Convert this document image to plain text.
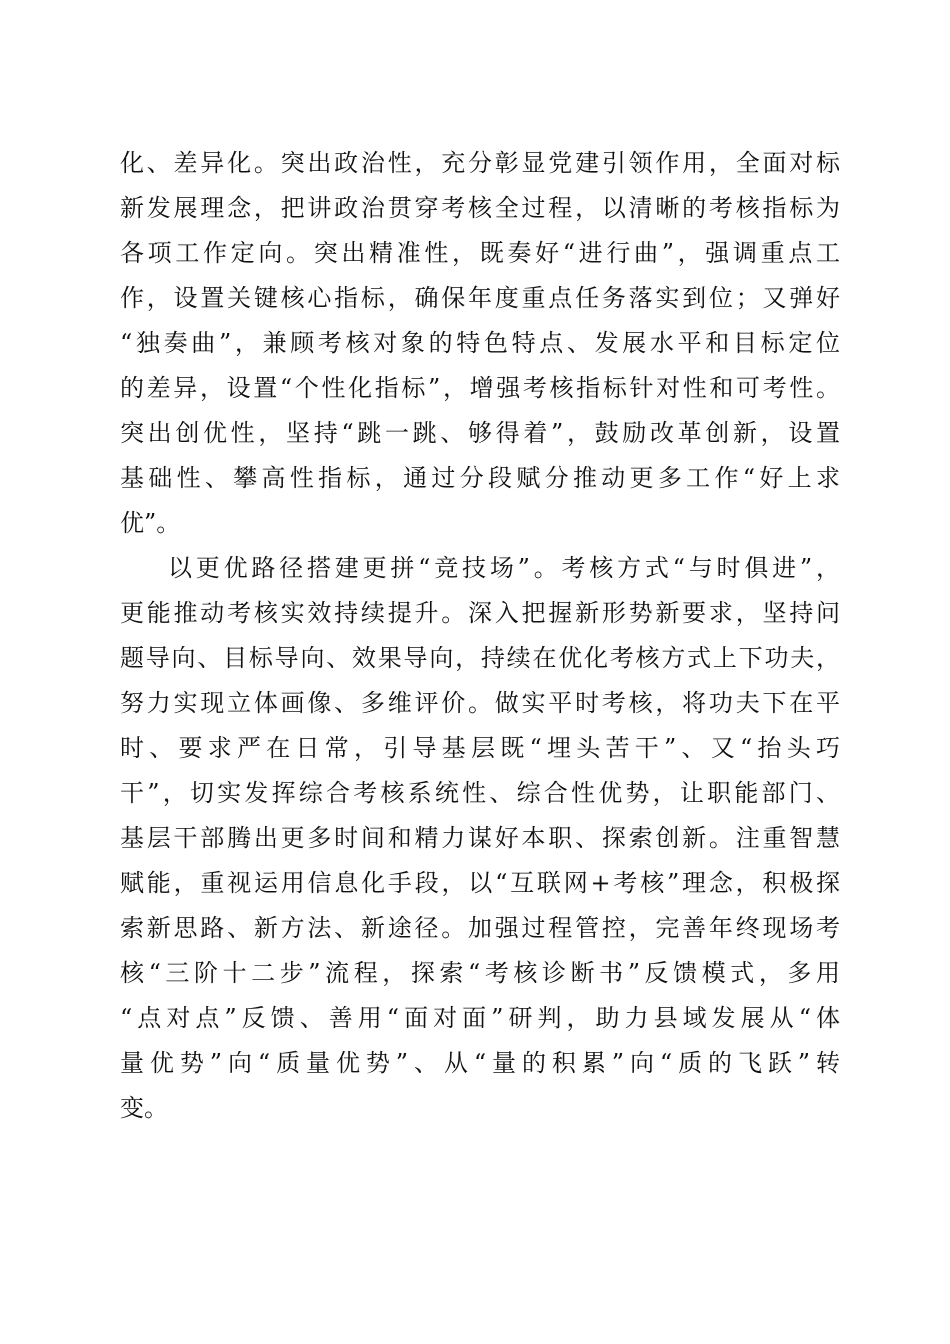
化、差异化。突出政治性，充分彰显党建引领作用，全面对标
新发展理念，把讲政治贯穿考核全过程，以清晰的考核指标为
各项工作定向。突出精准性，既奏好“进行曲”，强调重点工
作，设置关键核心指标，确保年度重点任务落实到位；又弹好
“独奏曲”，兼顾考核对象的特色特点、发展水平和目标定位
的差异，设置“个性化指标”，增强考核指标针对性和可考性。
突出创优性，坚持“跳一跳、够得着”，鼓励改革创新，设置
基础性、攀高性指标，通过分段赋分推动更多工作“好上求
优”。
以更优路径搭建更拼“竞技场”。考核方式“与时俱进”，
更能推动考核实效持续提升。深入把握新形势新要求，坚持问
题导向、目标导向、效果导向，持续在优化考核方式上下功夫，
努力实现立体画像、多维评价。做实平时考核，将功夫下在平
时、要求严在日常，引导基层既“埋头苦干”、又“抬头巧
干”，切实发挥综合考核系统性、综合性优势，让职能部门、
基层干部腾出更多时间和精力谋好本职、探索创新。注重智慧
赋能，重视运用信息化手段，以“互联网+考核”理念，积极探
索新思路、新方法、新途径。加强过程管控，完善年终现场考
核“三阶十二步”流程，探索“考核诊断书”反馈模式，多用
“点对点”反馈、善用“面对面”研判，助力县域发展从“体
量优势”向“质量优势”、从“量的积累”向“质的飞跃”转
变。
